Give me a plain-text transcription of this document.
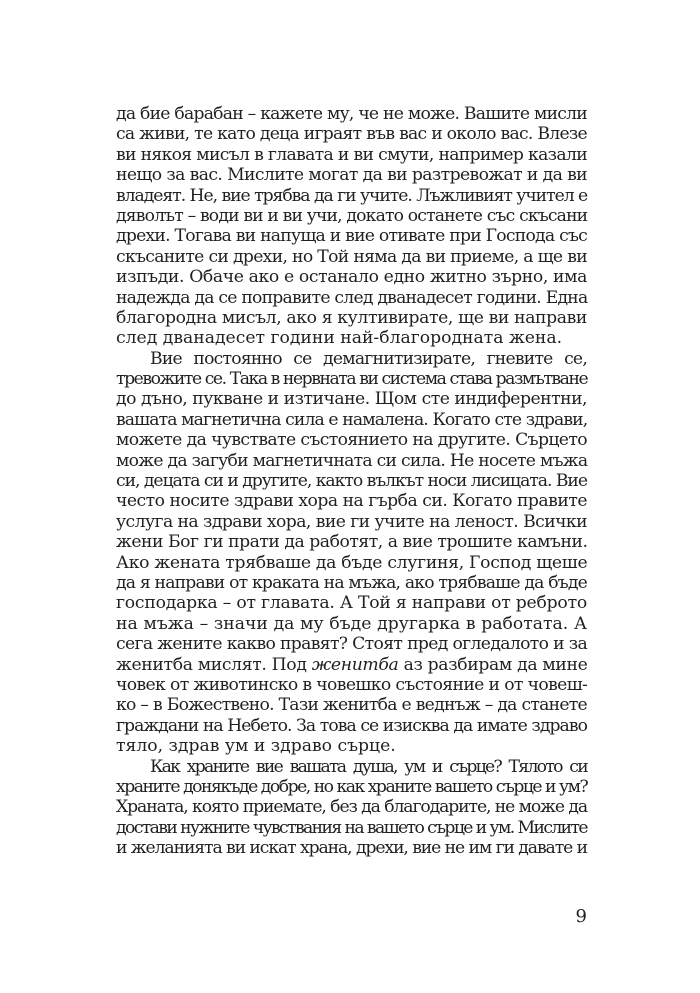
да бие барабан – кажете му, че не може. Вашите мисли
са живи, те като деца играят във вас и около вас. Влезе
ви някоя мисъл в главата и ви смути, например казали
нещо за вас. Мислите могат да ви разтревожат и да ви
владеят. Не, вие трябва да ги учите. Лъжливият учител е
дяволът – води ви и ви учи, докато останете със скъсани
дрехи. Тогава ви напуща и вие отивате при Господа със
скъсаните си дрехи, но Той няма да ви приеме, а ще ви
изпъди. Обаче ако е останало едно житно зърно, има
надежда да се поправите след дванадесет години. Една
благородна мисъл, ако я култивирате, ще ви направи
след дванадесет години най-благородната жена.
Вие постоянно се демагнитизирате, гневите се,
тревожите се. Така в нервната ви система става размътване
до дъно, пукване и изтичане. Щом сте индиферентни,
вашата магнетична сила е намалена. Когато сте здрави,
можете да чувствате състоянието на другите. Сърцето
може да загуби магнетичната си сила. Не носете мъжа
си, децата си и другите, както вълкът носи лисицата. Вие
често носите здрави хора на гърба си. Когато правите
услуга на здрави хора, вие ги учите на леност. Всички
жени Бог ги прати да работят, а вие трошите камъни.
Ако жената трябваше да бъде слугиня, Господ щеше
да я направи от краката на мъжа, ако трябваше да бъде
господарка – от главата. А Той я направи от реброто
на мъжа – значи да му бъде другарка в работата. А
сега жените какво правят? Стоят пред огледалото и за
женитба мислят. Под женитба аз разбирам да мине
човек от животинско в човешко състояние и от човеш-
ко – в Божествено. Тази женитба е веднъж – да станете
граждани на Небето. За това се изисква да имате здраво
тяло, здрав ум и здраво сърце.
Как храните вие вашата душа, ум и сърце? Тялото си
храните донякъде добре, но как храните вашето сърце и ум?
Храната, която приемате, без да благодарите, не може да
достави нужните чувствания на вашето сърце и ум. Мислите
и желанията ви искат храна, дрехи, вие не им ги давате и
9
